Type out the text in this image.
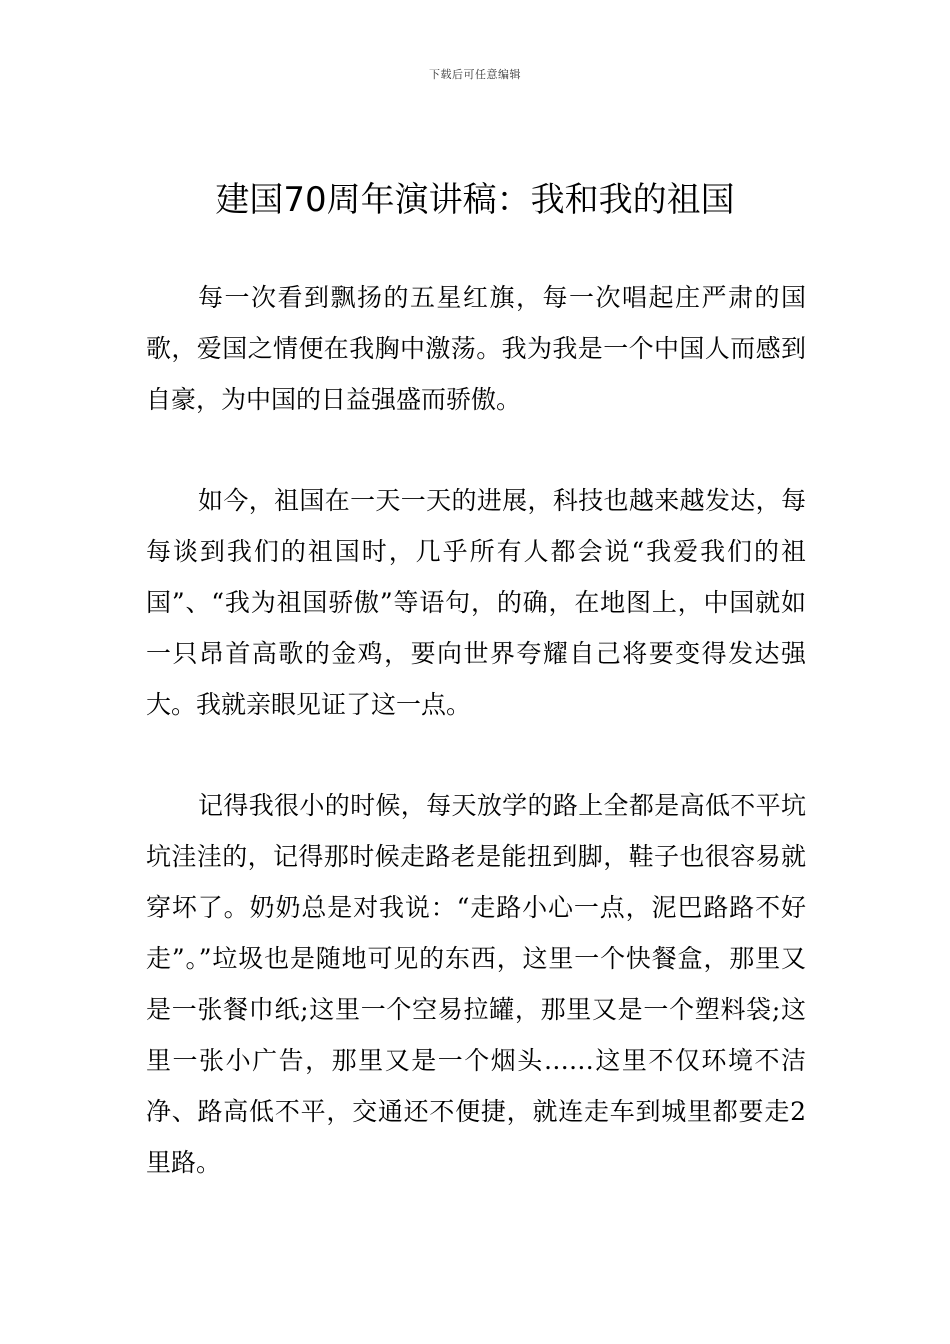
下载后可任意编辑
建国70周年演讲稿：我和我的祖国

每一次看到飘扬的五星红旗，每一次唱起庄严肃的国歌，爱国之情便在我胸中激荡。我为我是一个中国人而感到自豪，为中国的日益强盛而骄傲。

如今，祖国在一天一天的进展，科技也越来越发达，每每谈到我们的祖国时，几乎所有人都会说“我爱我们的祖国”、“我为祖国骄傲”等语句，的确，在地图上，中国就如一只昂首高歌的金鸡，要向世界夸耀自己将要变得发达强大。我就亲眼见证了这一点。

记得我很小的时候，每天放学的路上全都是高低不平坑坑洼洼的，记得那时候走路老是能扭到脚，鞋子也很容易就穿坏了。奶奶总是对我说：“走路小心一点，泥巴路路不好走”。”垃圾也是随地可见的东西，这里一个快餐盒，那里又是一张餐巾纸;这里一个空易拉罐，那里又是一个塑料袋;这里一张小广告，那里又是一个烟头……这里不仅环境不洁净、路高低不平，交通还不便捷，就连走车到城里都要走2里路。
